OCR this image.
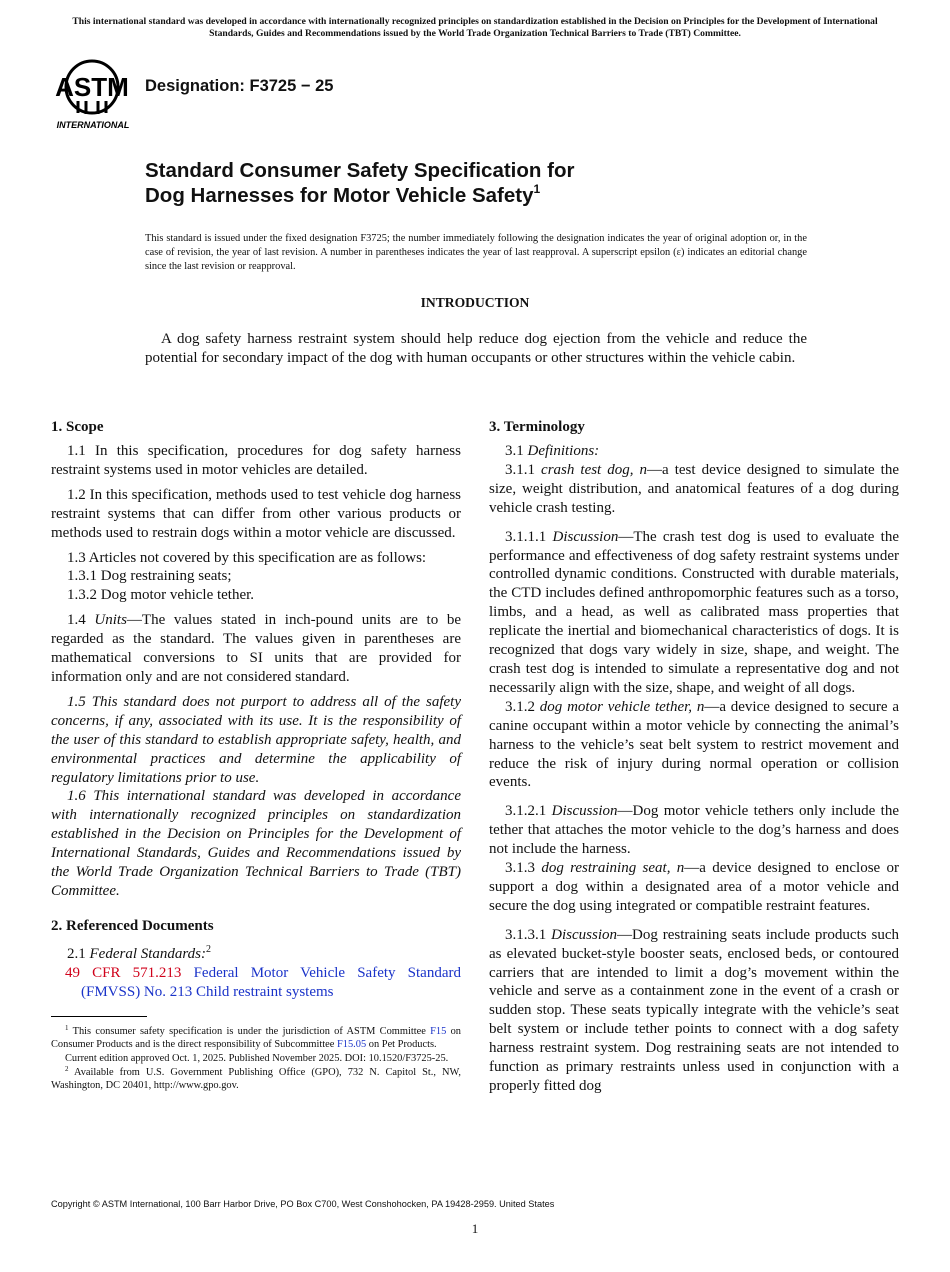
This international standard was developed in accordance with internationally recognized principles on standardization established in the Decision on Principles for the Development of International Standards, Guides and Recommendations issued by the World Trade Organization Technical Barriers to Trade (TBT) Committee.
ASTM
INTERNATIONAL
Designation: F3725 − 25
Standard Consumer Safety Specification for
Dog Harnesses for Motor Vehicle Safety$^1$
This standard is issued under the fixed designation F3725; the number immediately following the designation indicates the year of original adoption or, in the case of revision, the year of last revision. A number in parentheses indicates the year of last reapproval. A superscript epsilon (ε) indicates an editorial change since the last revision or reapproval.
INTRODUCTION
A dog safety harness restraint system should help reduce dog ejection from the vehicle and reduce the potential for secondary impact of the dog with human occupants or other structures within the vehicle cabin.
1. Scope

1.1 In this specification, procedures for dog safety harness restraint systems used in motor vehicles are detailed.

1.2 In this specification, methods used to test vehicle dog harness restraint systems that can differ from other various products or methods used to restrain dogs within a motor vehicle are discussed.

1.3 Articles not covered by this specification are as follows:

1.3.1 Dog restraining seats;

1.3.2 Dog motor vehicle tether.

1.4 Units—The values stated in inch-pound units are to be regarded as the standard. The values given in parentheses are mathematical conversions to SI units that are provided for information only and are not considered standard.

1.5 This standard does not purport to address all of the safety concerns, if any, associated with its use. It is the responsibility of the user of this standard to establish appropriate safety, health, and environmental practices and determine the applicability of regulatory limitations prior to use.

1.6 This international standard was developed in accordance with internationally recognized principles on standardization established in the Decision on Principles for the Development of International Standards, Guides and Recommendations issued by the World Trade Organization Technical Barriers to Trade (TBT) Committee.

2. Referenced Documents

2.1 Federal Standards:$^2$

49 CFR 571.213 Federal Motor Vehicle Safety Standard (FMVSS) No. 213 Child restraint systems

$^1$ This consumer safety specification is under the jurisdiction of ASTM Committee F15 on Consumer Products and is the direct responsibility of Subcommittee F15.05 on Pet Products.

Current edition approved Oct. 1, 2025. Published November 2025. DOI: 10.1520/F3725-25.

$^2$ Available from U.S. Government Publishing Office (GPO), 732 N. Capitol St., NW, Washington, DC 20401, http://www.gpo.gov.

3. Terminology

3.1 Definitions:

3.1.1 crash test dog, n—a test device designed to simulate the size, weight distribution, and anatomical features of a dog during vehicle crash testing.

3.1.1.1 Discussion—The crash test dog is used to evaluate the performance and effectiveness of dog safety restraint systems under controlled dynamic conditions. Constructed with durable materials, the CTD includes defined anthropomorphic features such as a torso, limbs, and a head, as well as calibrated mass properties that replicate the inertial and biomechanical characteristics of dogs. It is recognized that dogs vary widely in size, shape, and weight. The crash test dog is intended to simulate a representative dog and not necessarily align with the size, shape, and weight of all dogs.

3.1.2 dog motor vehicle tether, n—a device designed to secure a canine occupant within a motor vehicle by connecting the animal’s harness to the vehicle’s seat belt system to restrict movement and reduce the risk of injury during normal operation or collision events.

3.1.2.1 Discussion—Dog motor vehicle tethers only include the tether that attaches the motor vehicle to the dog’s harness and does not include the harness.

3.1.3 dog restraining seat, n—a device designed to enclose or support a dog within a designated area of a motor vehicle and secure the dog using integrated or compatible restraint features.

3.1.3.1 Discussion—Dog restraining seats include products such as elevated bucket-style booster seats, enclosed beds, or contoured carriers that are intended to limit a dog’s movement within the vehicle and serve as a containment zone in the event of a crash or sudden stop. These seats typically integrate with the vehicle’s seat belt system or include tether points to connect with a dog safety harness restraint system. Dog restraining seats are not intended to function as primary restraints unless used in conjunction with a properly fitted dog

Copyright © ASTM International, 100 Barr Harbor Drive, PO Box C700, West Conshohocken, PA 19428-2959. United States
1
